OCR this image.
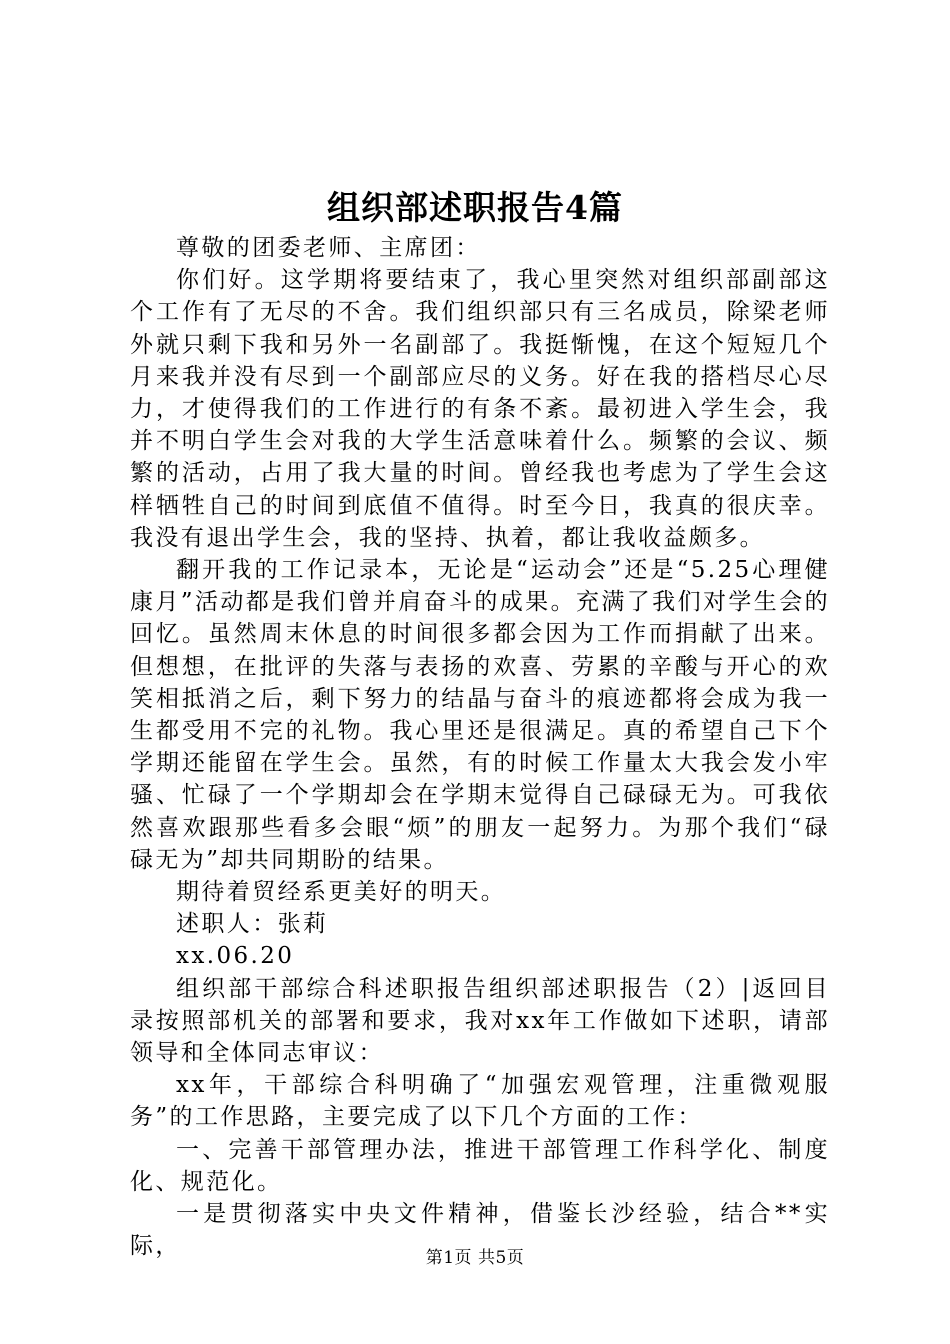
组织部述职报告4篇

尊敬的团委老师、主席团：

你们好。这学期将要结束了，我心里突然对组织部副部这个工作有了无尽的不舍。我们组织部只有三名成员，除梁老师外就只剩下我和另外一名副部了。我挺惭愧，在这个短短几个月来我并没有尽到一个副部应尽的义务。好在我的搭档尽心尽力，才使得我们的工作进行的有条不紊。最初进入学生会，我并不明白学生会对我的大学生活意味着什么。频繁的会议、频繁的活动，占用了我大量的时间。曾经我也考虑为了学生会这样牺牲自己的时间到底值不值得。时至今日，我真的很庆幸。我没有退出学生会，我的坚持、执着，都让我收益颇多。

翻开我的工作记录本，无论是“运动会”还是“5.25心理健康月”活动都是我们曾并肩奋斗的成果。充满了我们对学生会的回忆。虽然周末休息的时间很多都会因为工作而捐献了出来。但想想，在批评的失落与表扬的欢喜、劳累的辛酸与开心的欢笑相抵消之后，剩下努力的结晶与奋斗的痕迹都将会成为我一生都受用不完的礼物。我心里还是很满足。真的希望自己下个学期还能留在学生会。虽然，有的时候工作量太大我会发小牢骚、忙碌了一个学期却会在学期末觉得自己碌碌无为。可我依然喜欢跟那些看多会眼“烦”的朋友一起努力。为那个我们“碌碌无为”却共同期盼的结果。

期待着贸经系更美好的明天。

述职人：张莉

xx.06.20

组织部干部综合科述职报告组织部述职报告（2）|返回目录按照部机关的部署和要求，我对xx年工作做如下述职，请部领导和全体同志审议：

xx年，干部综合科明确了“加强宏观管理，注重微观服务”的工作思路，主要完成了以下几个方面的工作：

一、完善干部管理办法，推进干部管理工作科学化、制度化、规范化。

一是贯彻落实中央文件精神，借鉴长沙经验，结合**实际，	第1页 共5页
